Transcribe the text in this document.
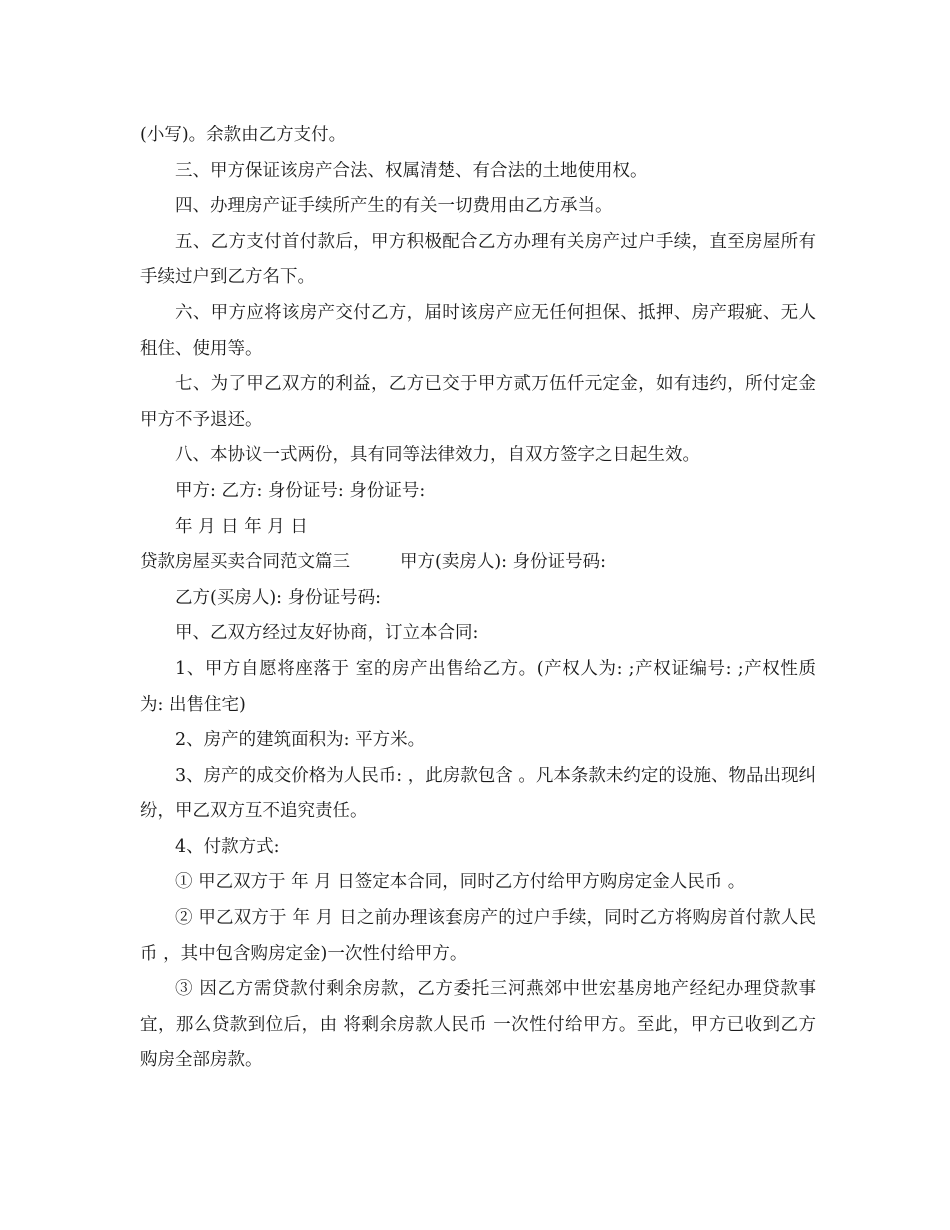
(小写)。余款由乙方支付。

三、甲方保证该房产合法、权属清楚、有合法的土地使用权。

四、办理房产证手续所产生的有关一切费用由乙方承当。

五、乙方支付首付款后，甲方积极配合乙方办理有关房产过户手续，直至房屋所有手续过户到乙方名下。

六、甲方应将该房产交付乙方，届时该房产应无任何担保、抵押、房产瑕疵、无人租住、使用等。

七、为了甲乙双方的利益，乙方已交于甲方贰万伍仟元定金，如有违约，所付定金甲方不予退还。

八、本协议一式两份，具有同等法律效力，自双方签字之日起生效。

甲方: 乙方: 身份证号: 身份证号:

年 月 日 年 月 日

贷款房屋买卖合同范文篇三	甲方(卖房人): 身份证号码:

乙方(买房人): 身份证号码:

甲、乙双方经过友好协商，订立本合同:

1、甲方自愿将座落于 室的房产出售给乙方。(产权人为: ;产权证编号: ;产权性质为: 出售住宅)

2、房产的建筑面积为: 平方米。

3、房产的成交价格为人民币: ，此房款包含 。凡本条款未约定的设施、物品出现纠纷，甲乙双方互不追究责任。

4、付款方式:

① 甲乙双方于 年 月 日签定本合同，同时乙方付给甲方购房定金人民币 。

② 甲乙双方于 年 月 日之前办理该套房产的过户手续，同时乙方将购房首付款人民币 ，其中包含购房定金)一次性付给甲方。

③ 因乙方需贷款付剩余房款，乙方委托三河燕郊中世宏基房地产经纪办理贷款事宜，那么贷款到位后，由 将剩余房款人民币 一次性付给甲方。至此，甲方已收到乙方购房全部房款。
